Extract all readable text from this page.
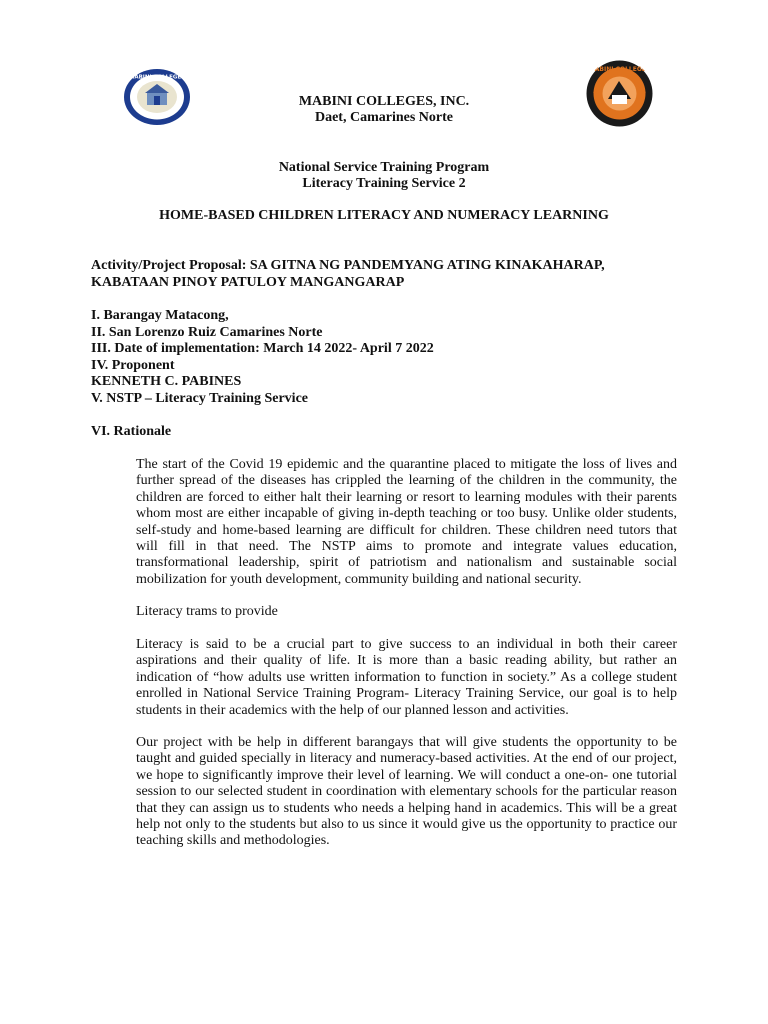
MABINI COLLEGES
MABINI COLLEGES
MABINI COLLEGES, INC.
Daet, Camarines Norte
National Service Training Program
Literacy Training Service 2
HOME-BASED CHILDREN LITERACY AND NUMERACY LEARNING
Activity/Project Proposal: SA GITNA NG PANDEMYANG ATING KINAKAHARAP,
KABATAAN PINOY PATULOY MANGANGARAP
I. Barangay Matacong,
II. San Lorenzo Ruiz Camarines Norte
III. Date of implementation: March 14 2022- April 7 2022
IV. Proponent
KENNETH C. PABINES
V. NSTP – Literacy Training Service
VI. Rationale
The start of the Covid 19 epidemic and the quarantine placed to mitigate the loss of lives and further spread of the diseases has crippled the learning of the children in the community, the children are forced to either halt their learning or resort to learning modules with their parents whom most are either incapable of giving in-depth teaching or too busy. Unlike older students, self-study and home-based learning are difficult for children. These children need tutors that will fill in that need. The NSTP aims to promote and integrate values education, transformational leadership, spirit of patriotism and nationalism and sustainable social mobilization for youth development, community building and national security.
Literacy trams to provide
Literacy is said to be a crucial part to give success to an individual in both their career aspirations and their quality of life. It is more than a basic reading ability, but rather an indication of “how adults use written information to function in society.” As a college student enrolled in National Service Training Program- Literacy Training Service, our goal is to help students in their academics with the help of our planned lesson and activities.
Our project with be help in different barangays that will give students the opportunity to be taught and guided specially in literacy and numeracy-based activities. At the end of our project, we hope to significantly improve their level of learning. We will conduct a one-on- one tutorial session to our selected student in coordination with elementary schools for the particular reason that they can assign us to students who needs a helping hand in academics. This will be a great help not only to the students but also to us since it would give us the opportunity to practice our teaching skills and methodologies.
